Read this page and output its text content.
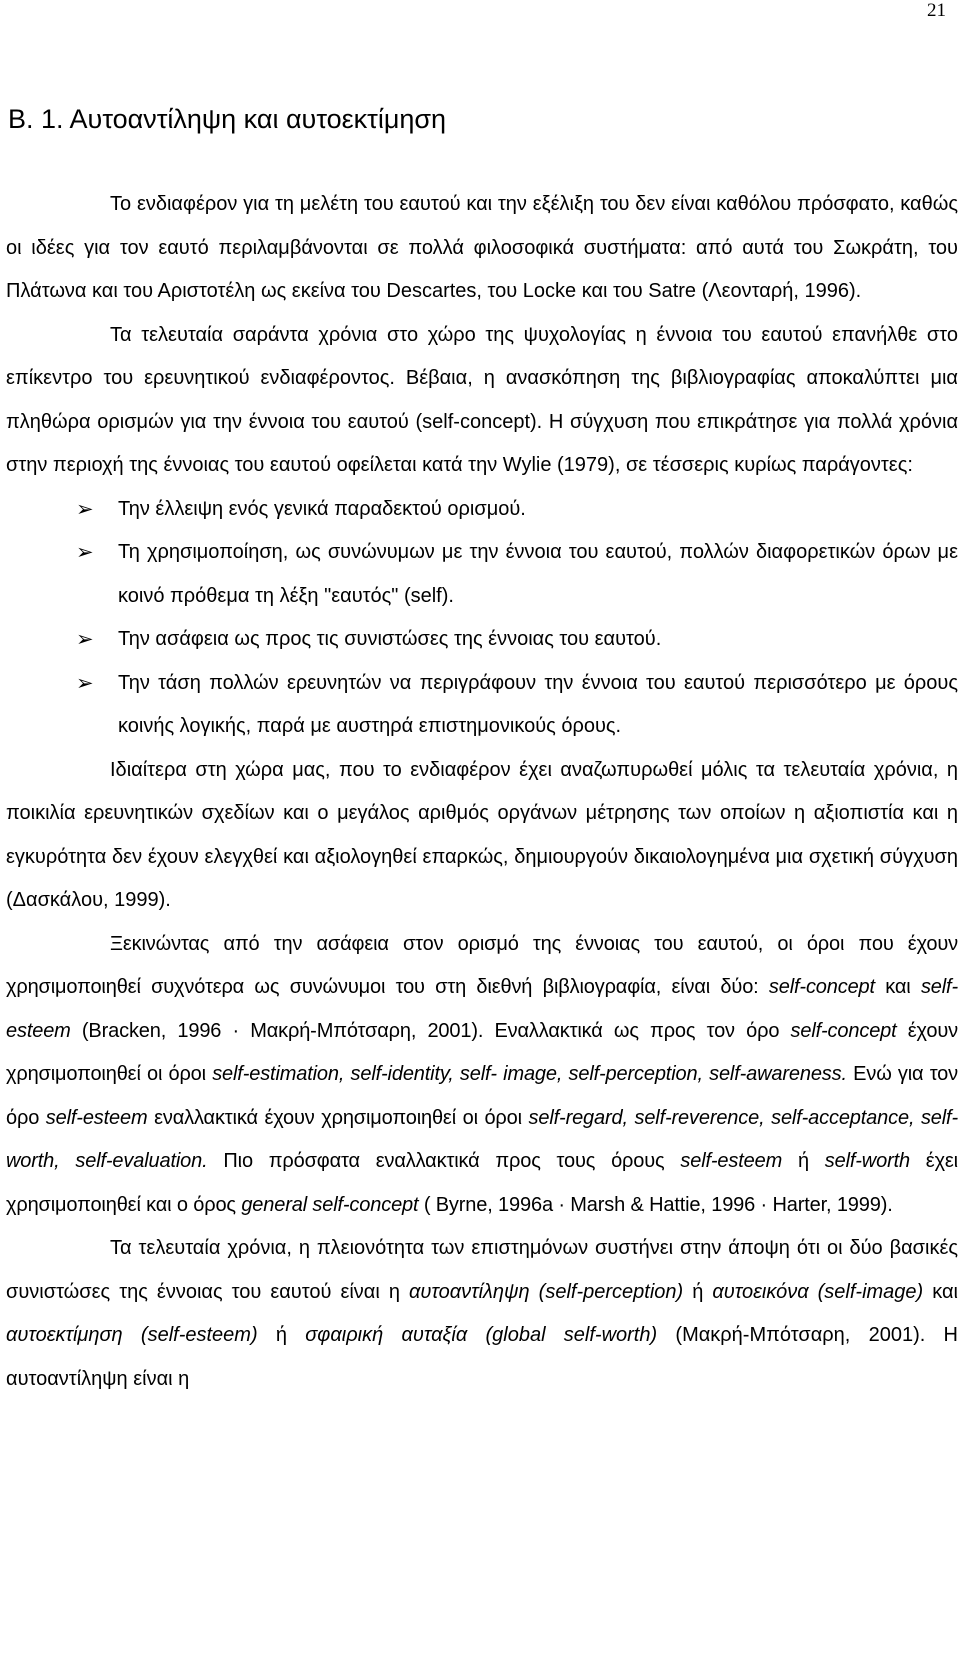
21
Β. 1. Αυτοαντίληψη και αυτοεκτίμηση

Το ενδιαφέρον για τη μελέτη του εαυτού και την εξέλιξη του δεν είναι καθόλου πρόσφατο, καθώς οι ιδέες για τον εαυτό περιλαμβάνονται σε πολλά φιλοσοφικά συστήματα: από αυτά του Σωκράτη, του Πλάτωνα και του Αριστοτέλη ως εκείνα του Descartes, του Locke και του Satre (Λεονταρή, 1996).

Τα τελευταία σαράντα χρόνια στο χώρο της ψυχολογίας η έννοια του εαυτού επανήλθε στο επίκεντρο του ερευνητικού ενδιαφέροντος. Βέβαια, η ανασκόπηση της βιβλιογραφίας αποκαλύπτει μια πληθώρα ορισμών για την έννοια του εαυτού (self-concept). Η σύγχυση που επικράτησε για πολλά χρόνια στην περιοχή της έννοιας του εαυτού οφείλεται κατά την Wylie (1979), σε τέσσερις κυρίως παράγοντες:

➢ Την έλλειψη ενός γενικά παραδεκτού ορισμού.
➢ Τη χρησιμοποίηση, ως συνώνυμων με την έννοια του εαυτού, πολλών διαφορετικών όρων με κοινό πρόθεμα τη λέξη "εαυτός" (self).
➢ Την ασάφεια ως προς τις συνιστώσες της έννοιας του εαυτού.
➢ Την τάση πολλών ερευνητών να περιγράφουν την έννοια του εαυτού περισσότερο με όρους κοινής λογικής, παρά με αυστηρά επιστημονικούς όρους.

Ιδιαίτερα στη χώρα μας, που το ενδιαφέρον έχει αναζωπυρωθεί μόλις τα τελευταία χρόνια, η ποικιλία ερευνητικών σχεδίων και ο μεγάλος αριθμός οργάνων μέτρησης των οποίων η αξιοπιστία και η εγκυρότητα δεν έχουν ελεγχθεί και αξιολογηθεί επαρκώς, δημιουργούν δικαιολογημένα μια σχετική σύγχυση (Δασκάλου, 1999).

Ξεκινώντας από την ασάφεια στον ορισμό της έννοιας του εαυτού, οι όροι που έχουν χρησιμοποιηθεί συχνότερα ως συνώνυμοι του στη διεθνή βιβλιογραφία, είναι δύο: self-concept και self-esteem (Bracken, 1996 · Μακρή-Μπότσαρη, 2001). Εναλλακτικά ως προς τον όρο self-concept έχουν χρησιμοποιηθεί οι όροι self-estimation, self-identity, self- image, self-perception, self-awareness. Ενώ για τον όρο self-esteem εναλλακτικά έχουν χρησιμοποιηθεί οι όροι self-regard, self-reverence, self-acceptance, self-worth, self-evaluation. Πιο πρόσφατα εναλλακτικά προς τους όρους self-esteem ή self-worth έχει χρησιμοποιηθεί και ο όρος general self-concept ( Byrne, 1996a · Marsh & Hattie, 1996 · Harter, 1999).

Τα τελευταία χρόνια, η πλειονότητα των επιστημόνων συστήνει στην άποψη ότι οι δύο βασικές συνιστώσες της έννοιας του εαυτού είναι η αυτοαντίληψη (self-perception) ή αυτοεικόνα (self-image) και αυτοεκτίμηση (self-esteem) ή σφαιρική αυταξία (global self-worth) (Μακρή-Μπότσαρη, 2001). Η αυτοαντίληψη είναι η
